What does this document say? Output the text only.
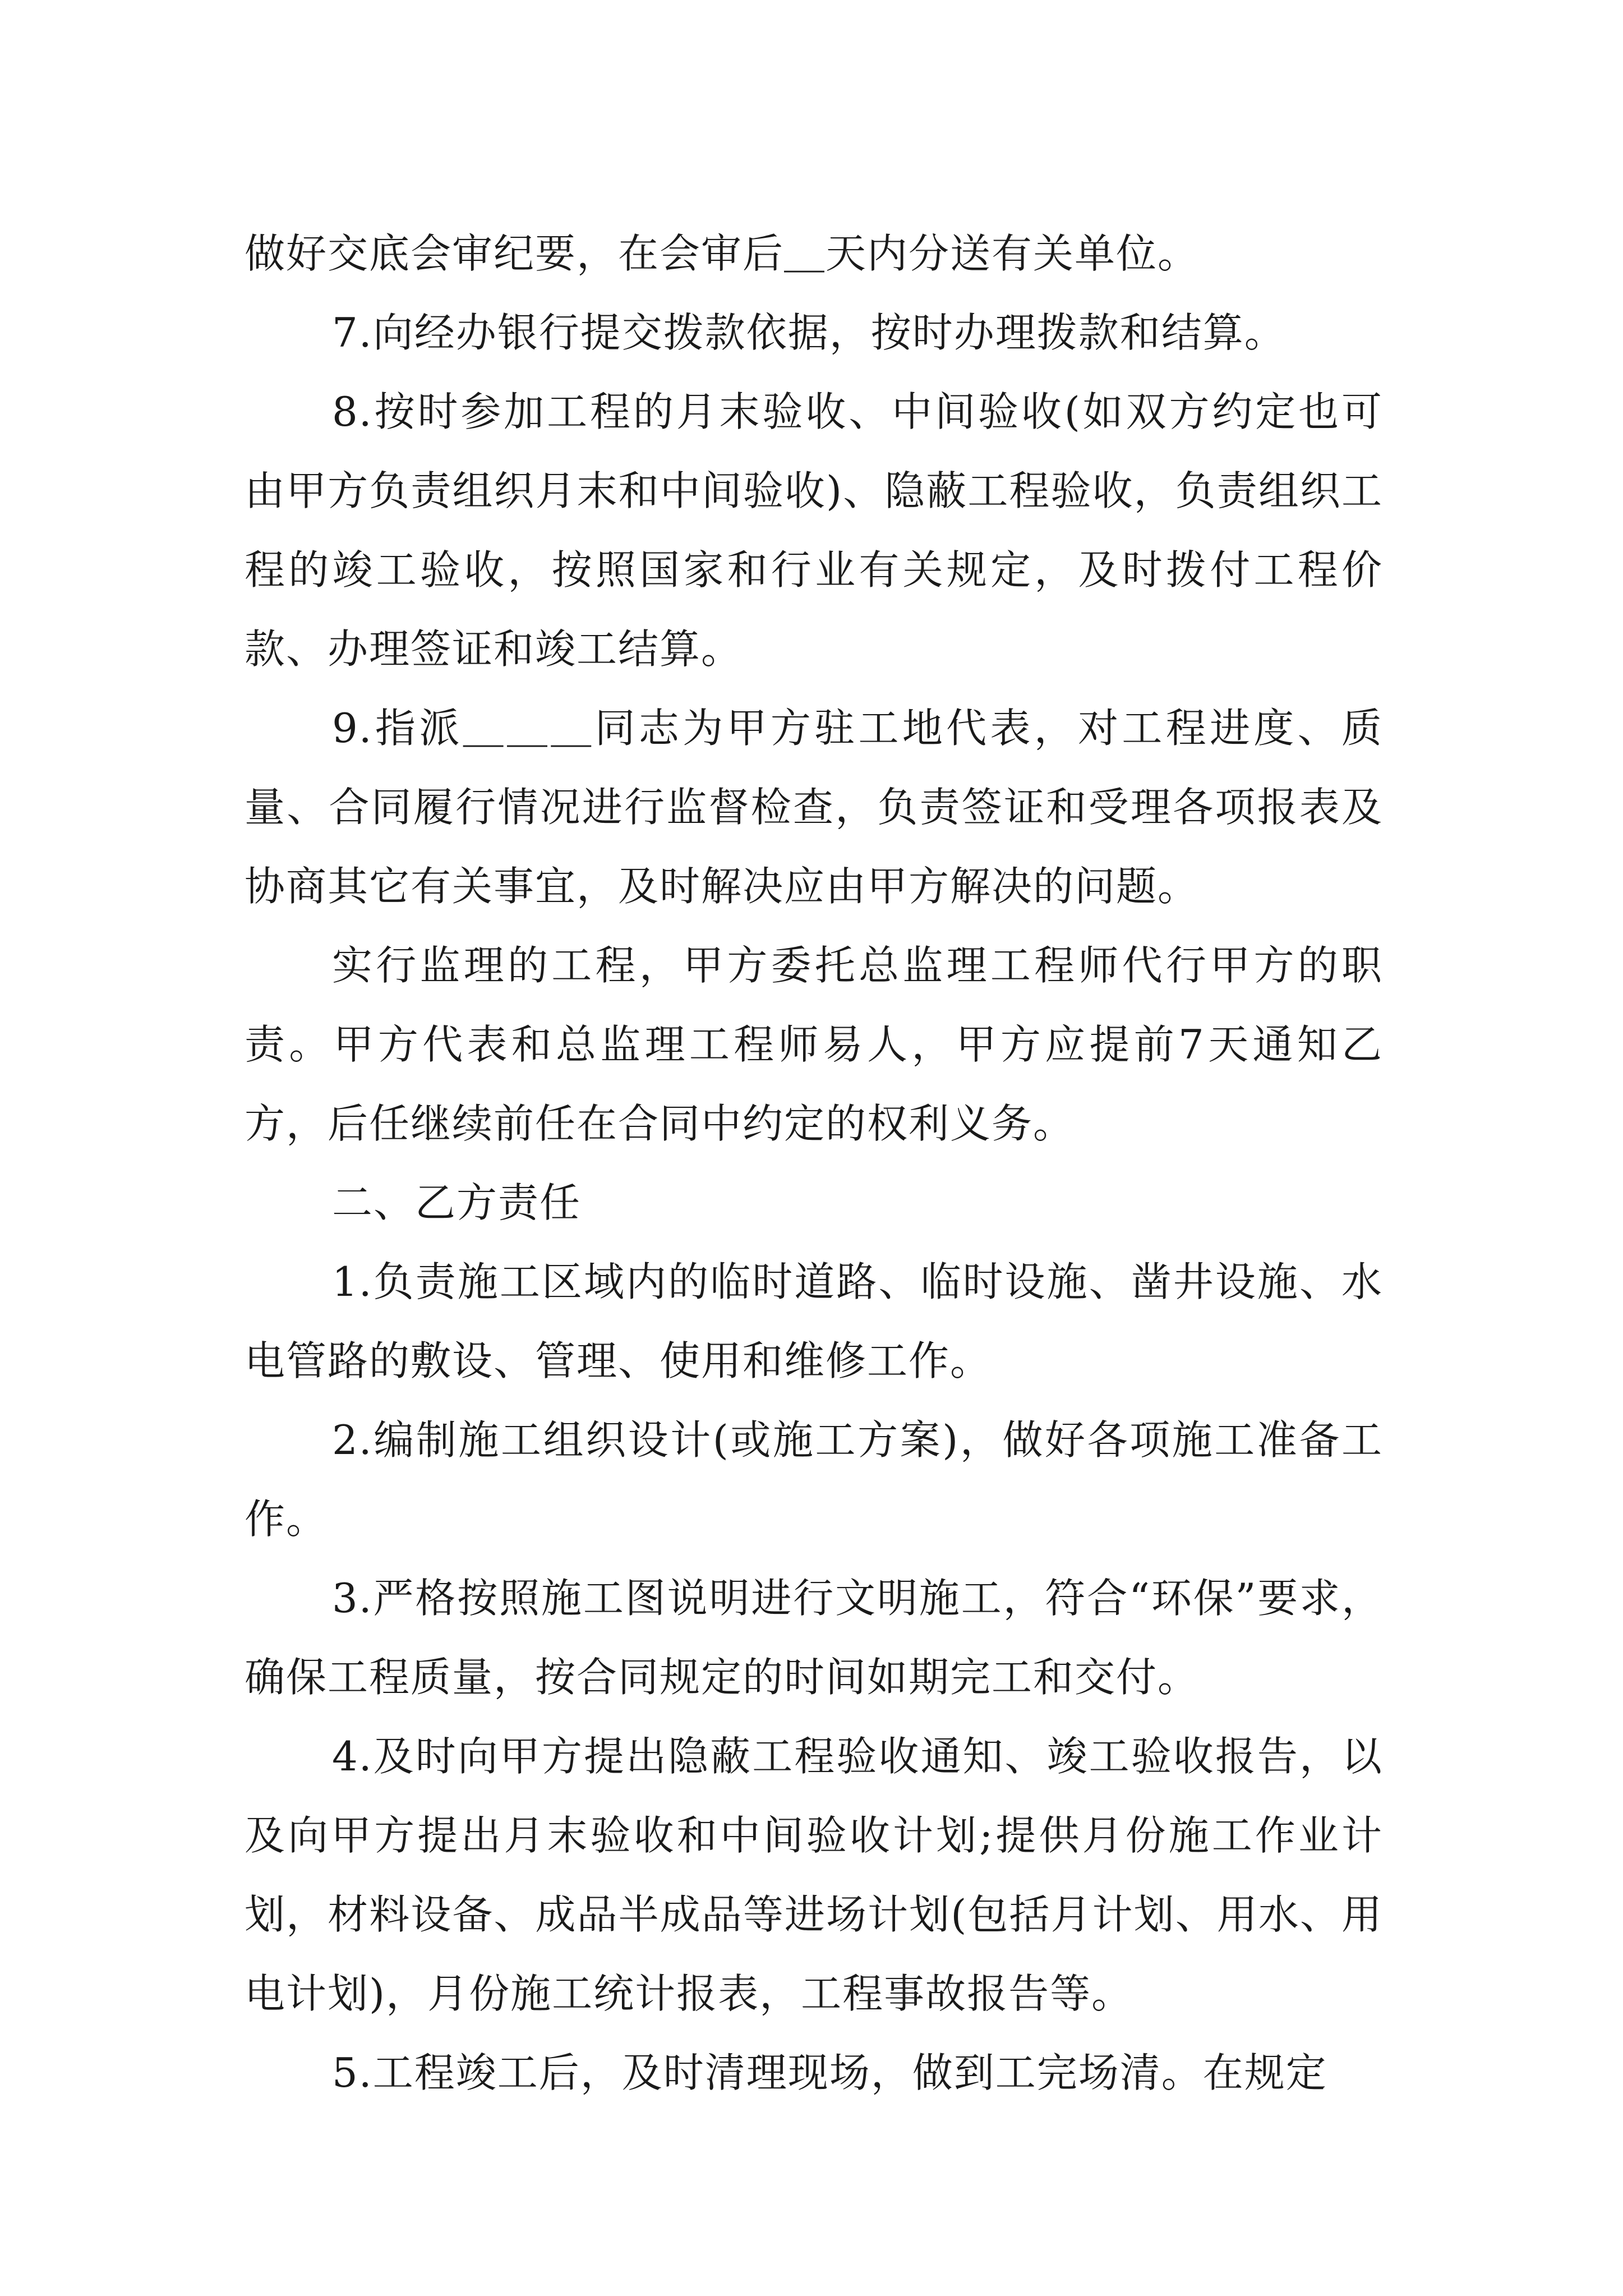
做好交底会审纪要，在会审后＿天内分送有关单位。

7.向经办银行提交拨款依据，按时办理拨款和结算。

8.按时参加工程的月末验收、中间验收(如双方约定也可由甲方负责组织月末和中间验收)、隐蔽工程验收，负责组织工程的竣工验收，按照国家和行业有关规定，及时拨付工程价款、办理签证和竣工结算。

9.指派＿＿＿同志为甲方驻工地代表，对工程进度、质量、合同履行情况进行监督检查，负责签证和受理各项报表及协商其它有关事宜，及时解决应由甲方解决的问题。

实行监理的工程，甲方委托总监理工程师代行甲方的职责。甲方代表和总监理工程师易人，甲方应提前7天通知乙方，后任继续前任在合同中约定的权利义务。

二、乙方责任

1.负责施工区域内的临时道路、临时设施、凿井设施、水电管路的敷设、管理、使用和维修工作。

2.编制施工组织设计(或施工方案)，做好各项施工准备工作。

3.严格按照施工图说明进行文明施工，符合“环保”要求，确保工程质量，按合同规定的时间如期完工和交付。

4.及时向甲方提出隐蔽工程验收通知、竣工验收报告，以及向甲方提出月末验收和中间验收计划;提供月份施工作业计划，材料设备、成品半成品等进场计划(包括月计划、用水、用电计划)，月份施工统计报表，工程事故报告等。

5.工程竣工后，及时清理现场，做到工完场清。在规定
